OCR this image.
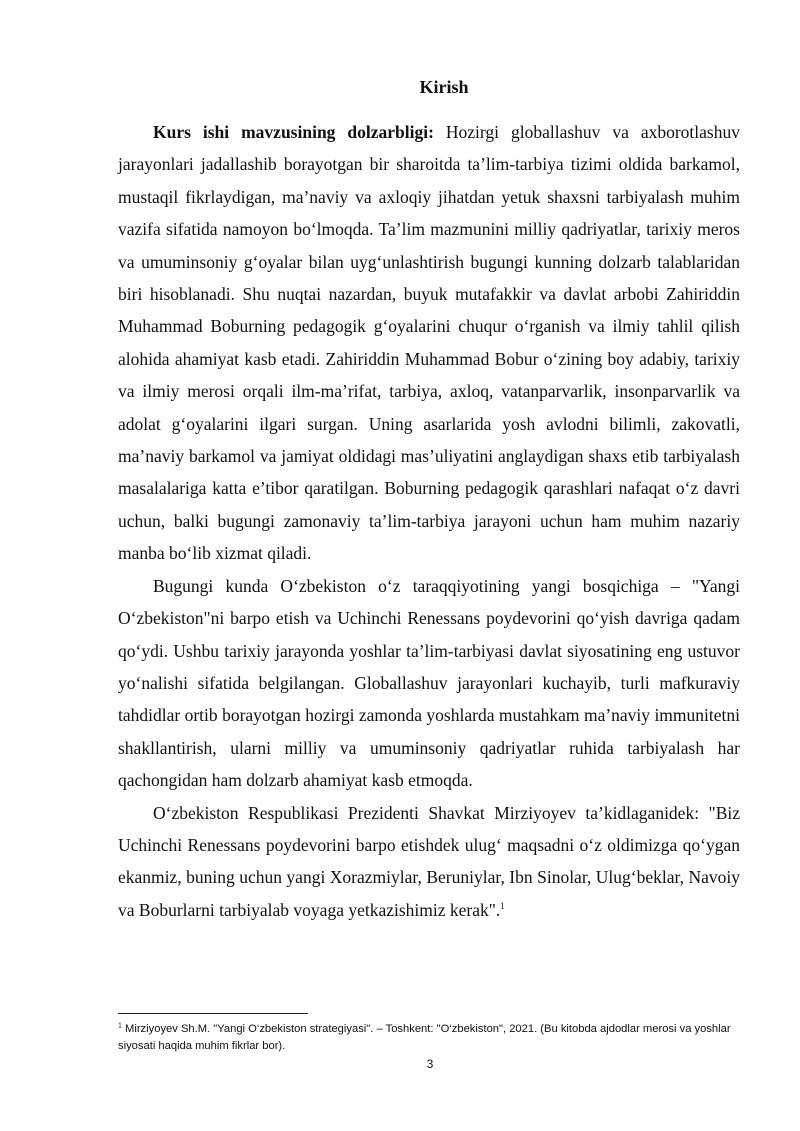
Kirish

Kurs ishi mavzusining dolzarbligi: Hozirgi globallashuv va axborotlashuv jarayonlari jadallashib borayotgan bir sharoitda ta’lim-tarbiya tizimi oldida barkamol, mustaqil fikrlaydigan, ma’naviy va axloqiy jihatdan yetuk shaxsni tarbiyalash muhim vazifa sifatida namoyon bo‘lmoqda. Ta’lim mazmunini milliy qadriyatlar, tarixiy meros va umuminsoniy g‘oyalar bilan uyg‘unlashtirish bugungi kunning dolzarb talablaridan biri hisoblanadi. Shu nuqtai nazardan, buyuk mutafakkir va davlat arbobi Zahiriddin Muhammad Boburning pedagogik g‘oyalarini chuqur o‘rganish va ilmiy tahlil qilish alohida ahamiyat kasb etadi. Zahiriddin Muhammad Bobur o‘zining boy adabiy, tarixiy va ilmiy merosi orqali ilm-ma’rifat, tarbiya, axloq, vatanparvarlik, insonparvarlik va adolat g‘oyalarini ilgari surgan. Uning asarlarida yosh avlodni bilimli, zakovatli, ma’naviy barkamol va jamiyat oldidagi mas’uliyatini anglaydigan shaxs etib tarbiyalash masalalariga katta e’tibor qaratilgan. Boburning pedagogik qarashlari nafaqat o‘z davri uchun, balki bugungi zamonaviy ta’lim-tarbiya jarayoni uchun ham muhim nazariy manba bo‘lib xizmat qiladi.

Bugungi kunda O‘zbekiston o‘z taraqqiyotining yangi bosqichiga – "Yangi O‘zbekiston"ni barpo etish va Uchinchi Renessans poydevorini qo‘yish davriga qadam qo‘ydi. Ushbu tarixiy jarayonda yoshlar ta’lim-tarbiyasi davlat siyosatining eng ustuvor yo‘nalishi sifatida belgilangan. Globallashuv jarayonlari kuchayib, turli mafkuraviy tahdidlar ortib borayotgan hozirgi zamonda yoshlarda mustahkam ma’naviy immunitetni shakllantirish, ularni milliy va umuminsoniy qadriyatlar ruhida tarbiyalash har qachongidan ham dolzarb ahamiyat kasb etmoqda.

O‘zbekiston Respublikasi Prezidenti Shavkat Mirziyoyev ta’kidlaganidek: "Biz Uchinchi Renessans poydevorini barpo etishdek ulug‘ maqsadni o‘z oldimizga qo‘ygan ekanmiz, buning uchun yangi Xorazmiylar, Beruniylar, Ibn Sinolar, Ulug‘beklar, Navoiy va Boburlarni tarbiyalab voyaga yetkazishimiz kerak".$^1$

$^1$ Mirziyoyev Sh.M. "Yangi O‘zbekiston strategiyasi". – Toshkent: "O‘zbekiston", 2021. (Bu kitobda ajdodlar merosi va yoshlar siyosati haqida muhim fikrlar bor).
3
